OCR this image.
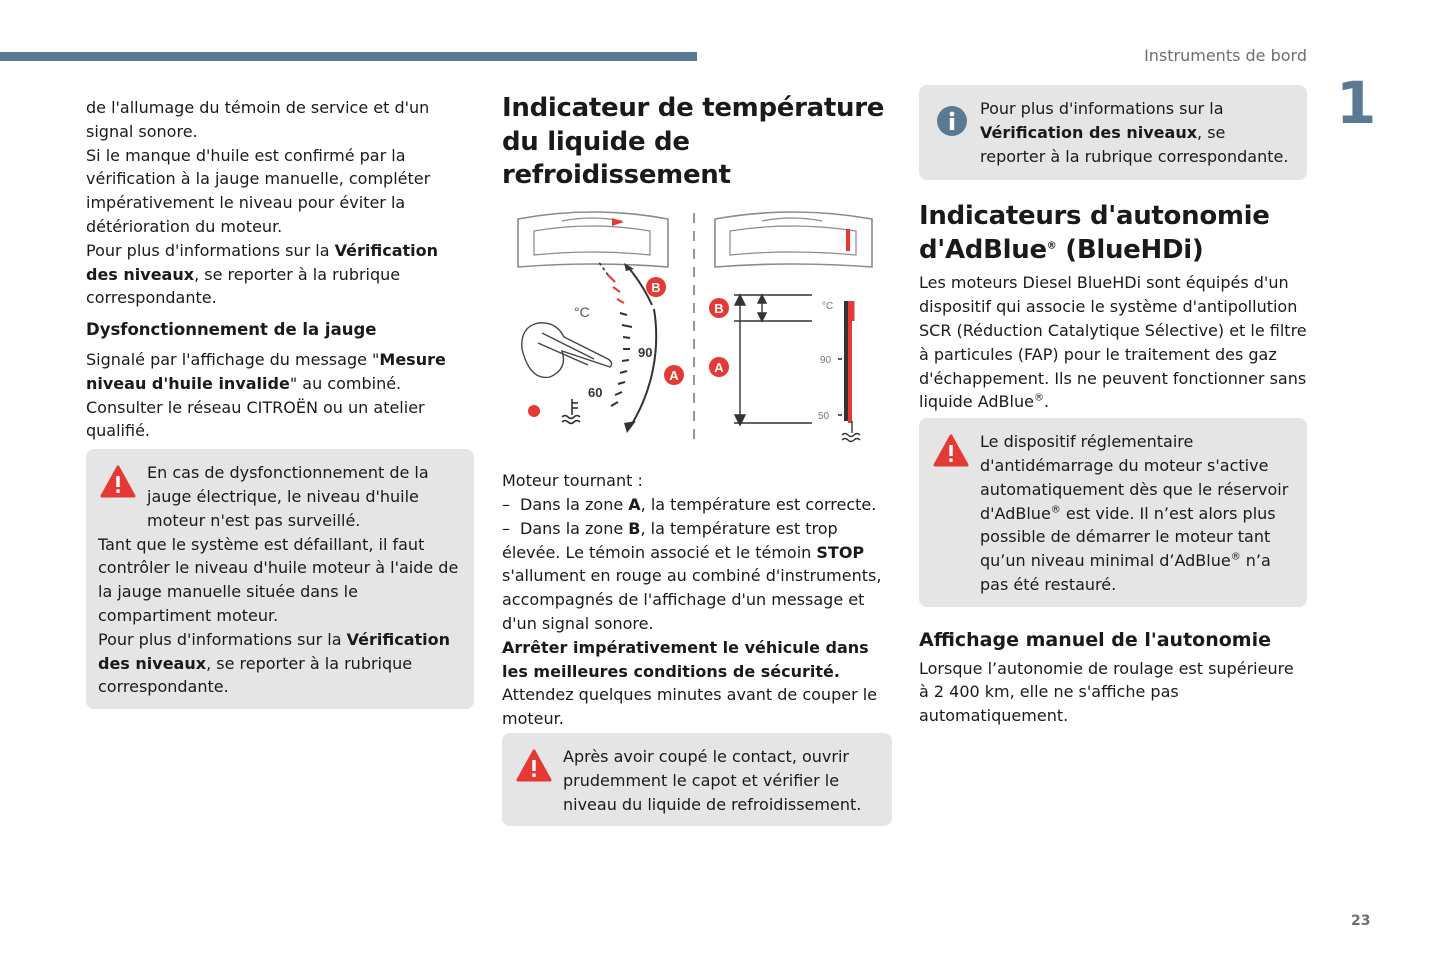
Instruments de bord
1
23

de l'allumage du témoin de service et d'un signal sonore.

Si le manque d'huile est confirmé par la vérification à la jauge manuelle, compléter impérativement le niveau pour éviter la détérioration du moteur.

Pour plus d'informations sur la Vérification des niveaux, se reporter à la rubrique correspondante.

Dysfonctionnement de la jauge

Signalé par l'affichage du message "Mesure niveau d'huile invalide" au combiné.

Consulter le réseau CITROËN ou un atelier qualifié.

En cas de dysfonctionnement de la jauge électrique, le niveau d'huile moteur n'est pas surveillé.

Tant que le système est défaillant, il faut contrôler le niveau d'huile moteur à l'aide de la jauge manuelle située dans le compartiment moteur.

Pour plus d'informations sur la Vérification des niveaux, se reporter à la rubrique correspondante.

Indicateur de température du liquide de refroidissement

°C
90
60
B
A
°C
90
50
B
A

Moteur tournant :

– Dans la zone A, la température est correcte.

– Dans la zone B, la température est trop élevée. Le témoin associé et le témoin STOP s'allument en rouge au combiné d'instruments, accompagnés de l'affichage d'un message et d'un signal sonore.

Arrêter impérativement le véhicule dans les meilleures conditions de sécurité.

Attendez quelques minutes avant de couper le moteur.

Après avoir coupé le contact, ouvrir prudemment le capot et vérifier le niveau du liquide de refroidissement.

Pour plus d'informations sur la Vérification des niveaux, se reporter à la rubrique correspondante.

Indicateurs d'autonomie d'AdBlue® (BlueHDi)

Les moteurs Diesel BlueHDi sont équipés d'un dispositif qui associe le système d'antipollution SCR (Réduction Catalytique Sélective) et le filtre à particules (FAP) pour le traitement des gaz d'échappement. Ils ne peuvent fonctionner sans liquide AdBlue®.

Le dispositif réglementaire d'antidémarrage du moteur s'active automatiquement dès que le réservoir d'AdBlue® est vide. Il n’est alors plus possible de démarrer le moteur tant qu’un niveau minimal d’AdBlue® n’a pas été restauré.

Affichage manuel de l'autonomie

Lorsque l’autonomie de roulage est supérieure à 2 400 km, elle ne s'affiche pas automatiquement.
